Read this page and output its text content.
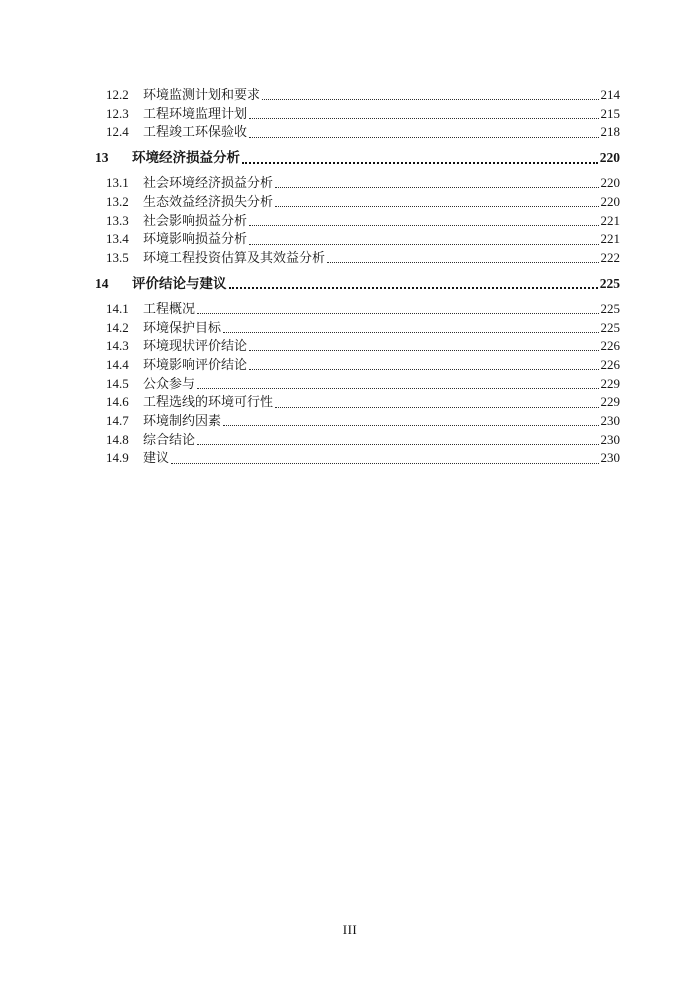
12.2	环境监测计划和要求	214
12.3	工程环境监理计划	215
12.4	工程竣工环保验收	218
13	环境经济损益分析	220
13.1	社会环境经济损益分析	220
13.2	生态效益经济损失分析	220
13.3	社会影响损益分析	221
13.4	环境影响损益分析	221
13.5	环境工程投资估算及其效益分析	222
14	评价结论与建议	225
14.1	工程概况	225
14.2	环境保护目标	225
14.3	环境现状评价结论	226
14.4	环境影响评价结论	226
14.5	公众参与	229
14.6	工程选线的环境可行性	229
14.7	环境制约因素	230
14.8	综合结论	230
14.9	建议	230
III
